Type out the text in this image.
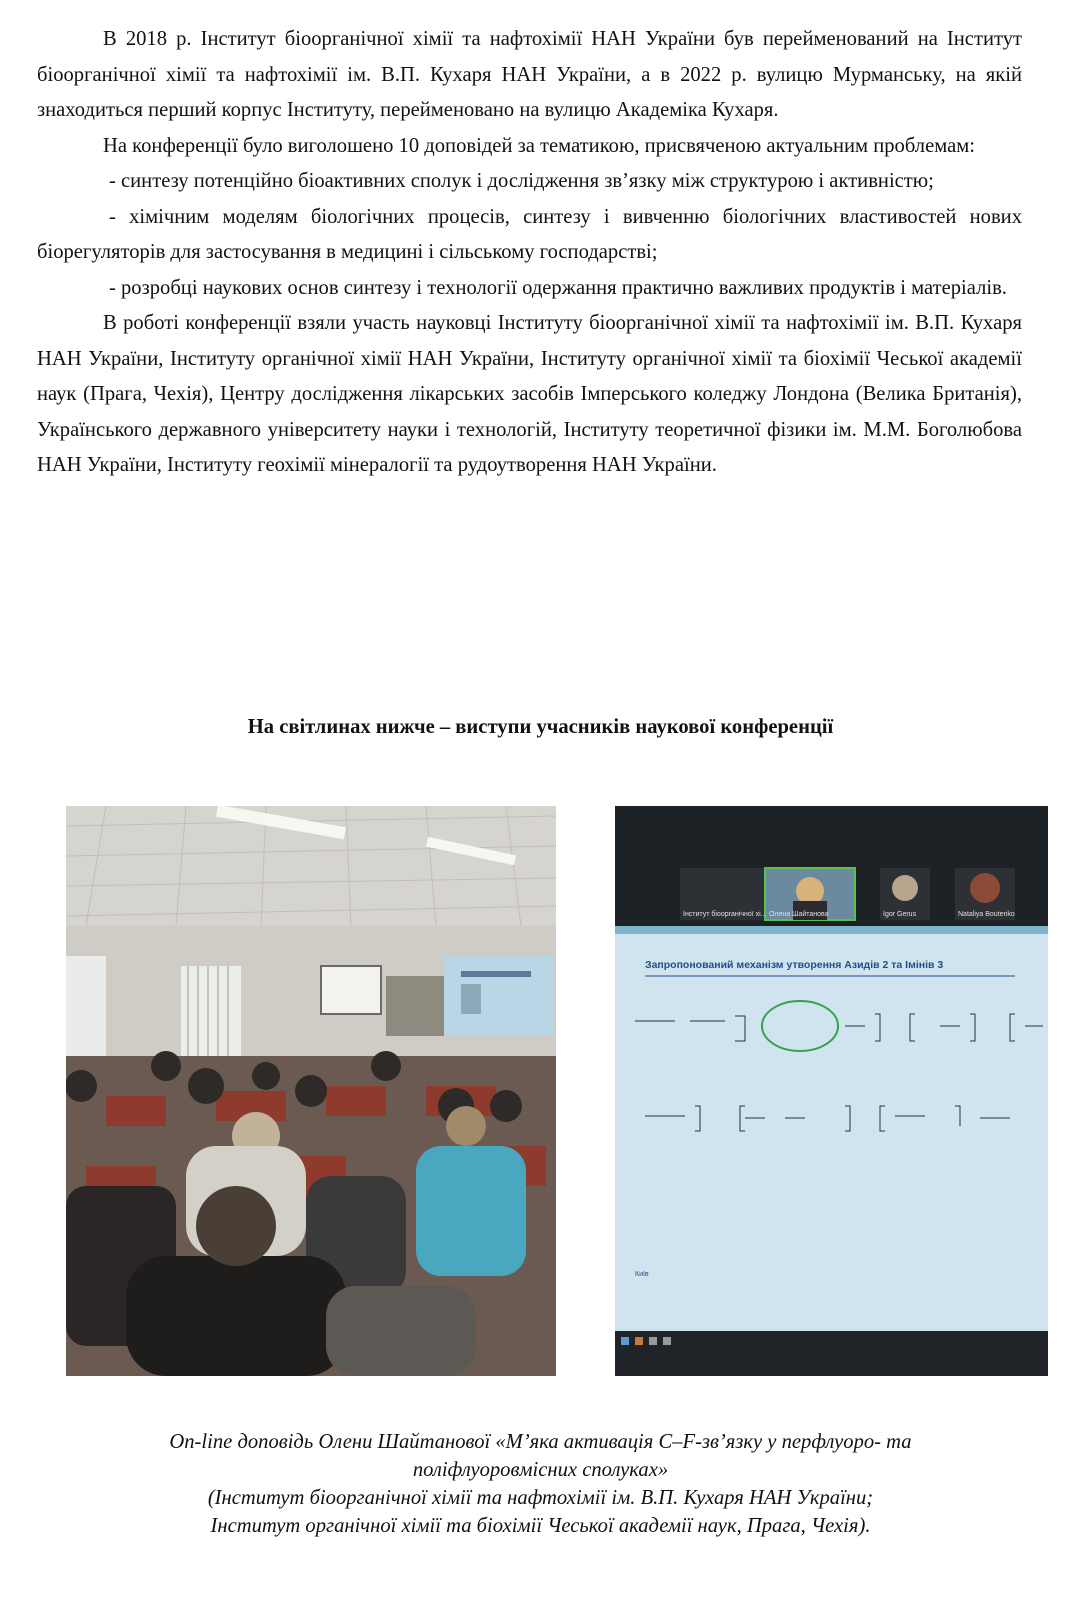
В 2018 р. Інститут біоорганічної хімії та нафтохімії НАН України був перейменований на Інститут біоорганічної хімії та нафтохімії ім. В.П. Кухаря НАН України, а в 2022 р. вулицю Мурманську, на якій знаходиться перший корпус Інституту, перейменовано на вулицю Академіка Кухаря.

На конференції було виголошено 10 доповідей за тематикою, присвяченою актуальним проблемам:

- синтезу потенційно біоактивних сполук і дослідження зв’язку між структурою і активністю;

- хімічним моделям біологічних процесів, синтезу і вивченню біологічних властивостей нових біорегуляторів для застосування в медицині і сільському господарстві;

- розробці наукових основ синтезу і технології одержання практично важливих продуктів і матеріалів.

В роботі конференції взяли участь науковці Інституту біоорганічної хімії та нафтохімії ім. В.П. Кухаря НАН України, Інституту органічної хімії НАН України, Інституту органічної хімії та біохімії Чеської академії наук (Прага, Чехія), Центру дослідження лікарських засобів Імперського коледжу Лондона (Велика Британія), Українського державного університету науки і технологій, Інституту теоретичної фізики ім. М.М. Боголюбова НАН України, Інституту геохімії мінералогії та рудоутворення НАН України.

На світлинах нижче – виступи учасників наукової конференції
Інститут біоорганічної хі... Олена Шайтанова	Igor Gerus	Nataliya Boutenko
Запропонований механізм утворення Азидів 2 та Імінів 3
Київ
On-line доповідь Олени Шайтанової «М’яка активація C–F-зв’язку у перфлуоро- та
поліфлуоровмісних сполуках»
(Інститут біоорганічної хімії та нафтохімії ім. В.П. Кухаря НАН України;
Інститут органічної хімії та біохімії Чеської академії наук, Прага, Чехія).
